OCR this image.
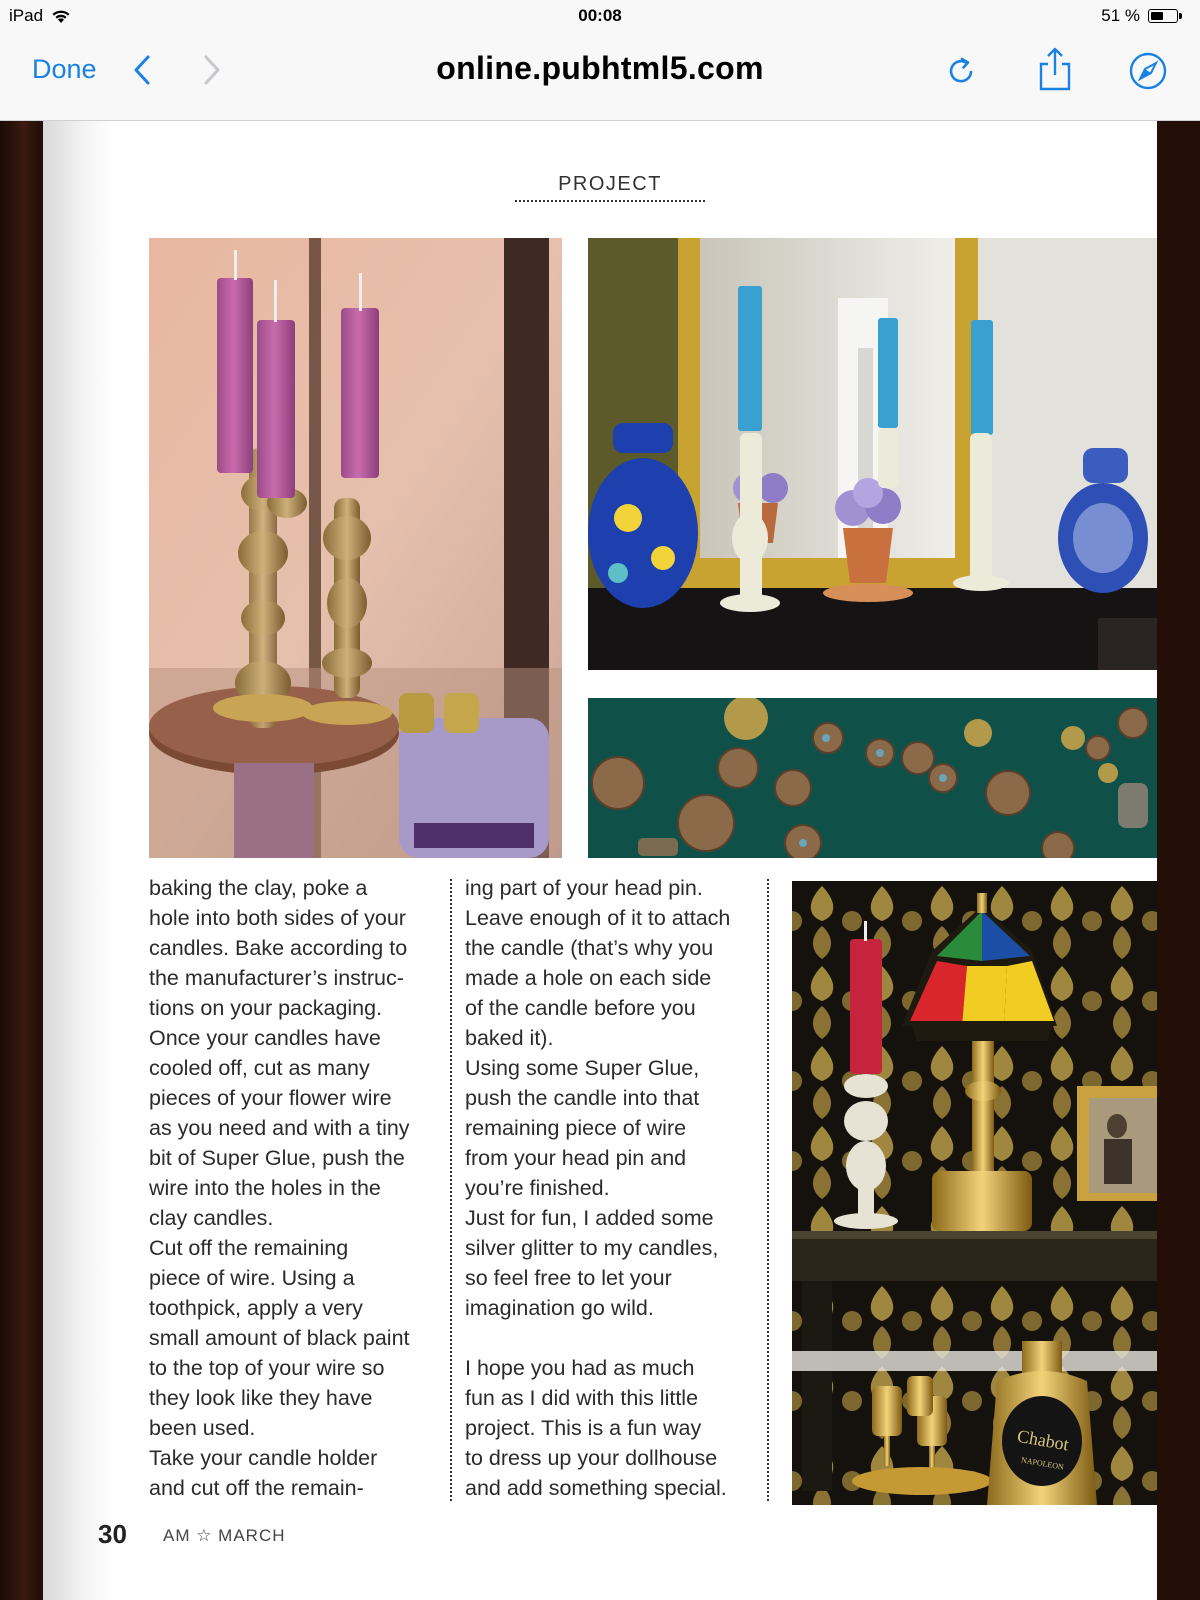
iPad	00:08	51 %
Done	online.pubhtml5.com
PROJECT
baking the clay, poke a
hole into both sides of your
candles. Bake according to
the manufacturer’s instruc-
tions on your packaging.
Once your candles have
cooled off, cut as many
pieces of your flower wire
as you need and with a tiny
bit of Super Glue, push the
wire into the holes in the
clay candles.
Cut off the remaining
piece of wire. Using a
toothpick, apply a very
small amount of black paint
to the top of your wire so
they look like they have
been used.
Take your candle holder
and cut off the remain-
ing part of your head pin.
Leave enough of it to attach
the candle (that’s why you
made a hole on each side
of the candle before you
baked it).
Using some Super Glue,
push the candle into that
remaining piece of wire
from your head pin and
you’re finished.
Just for fun, I added some
silver glitter to my candles,
so feel free to let your
imagination go wild.

I hope you had as much
fun as I did with this little
project. This is a fun way
to dress up your dollhouse
and add something special.
Chabot
NAPOLEON
30 AM ☆ MARCH
